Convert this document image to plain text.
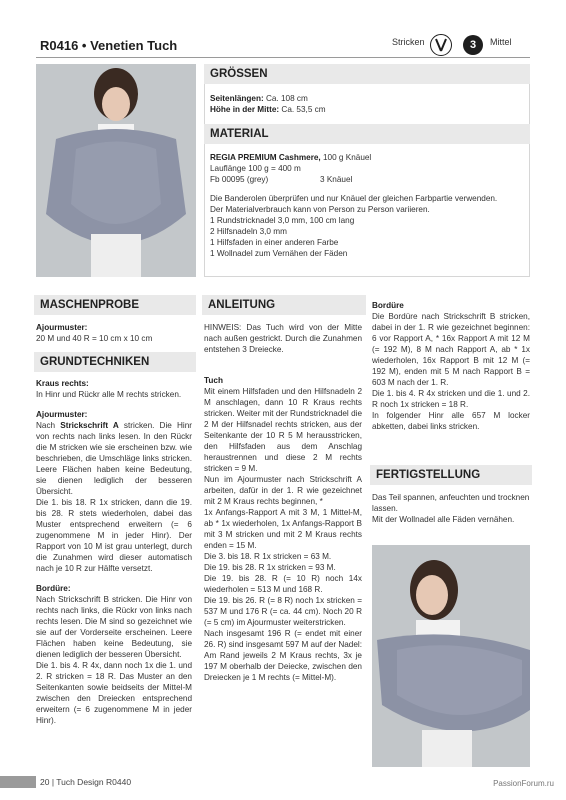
R0416 • Venetien Tuch	Stricken	3	Mittel
GRÖSSEN

Seitenlängen: Ca. 108 cm

Höhe in der Mitte: Ca. 53,5 cm

MATERIAL

REGIA PREMIUM Cashmere, 100 g Knäuel

Lauflänge 100 g = 400 m

Fb 00095 (grey)	3 Knäuel

Die Banderolen überprüfen und nur Knäuel der gleichen Farbpartie verwenden.

Der Materialverbrauch kann von Person zu Person variieren.

1 Rundstricknadel 3,0 mm, 100 cm lang

2 Hilfsnadeln 3,0 mm

1 Hilfsfaden in einer anderen Farbe

1 Wollnadel zum Vernähen der Fäden

MASCHENPROBE

Ajourmuster:

20 M und 40 R = 10 cm x 10 cm

GRUNDTECHNIKEN

Kraus rechts:

In Hinr und Rückr alle M rechts stricken.

Ajourmuster:

Nach Strickschrift A stricken. Die Hinr von rechts nach links lesen. In den Rückr die M stricken wie sie erscheinen bzw. wie beschrieben, die Umschläge links stricken. Leere Flächen haben keine Bedeutung, sie dienen lediglich der besseren Übersicht.

Die 1. bis 18. R 1x stricken, dann die 19. bis 28. R stets wiederholen, dabei das Muster entsprechend erweitern (= 6 zugenommene M in jeder Hinr). Der Rapport von 10 M ist grau unterlegt, durch die Zunahmen wird dieser automatisch nach je 10 R zur Hälfte versetzt.

Bordüre:

Nach Strickschrift B stricken. Die Hinr von rechts nach links, die Rückr von links nach rechts lesen. Die M sind so gezeichnet wie sie auf der Vorderseite erscheinen. Leere Flächen haben keine Bedeutung, sie dienen lediglich der besseren Übersicht.

Die 1. bis 4. R 4x, dann noch 1x die 1. und 2. R stricken = 18 R. Das Muster an den Seitenkanten sowie beidseits der Mittel-M zwischen den Dreiecken entsprechend erweitern (= 6 zugenommene M in jeder Hinr).

ANLEITUNG

HINWEIS: Das Tuch wird von der Mitte nach außen gestrickt. Durch die Zunahmen entstehen 3 Dreiecke.

Tuch

Mit einem Hilfsfaden und den Hilfsnadeln 2 M anschlagen, dann 10 R Kraus rechts stricken. Weiter mit der Rundstricknadel die 2 M der Hilfsnadel rechts stricken, aus der Seitenkante der 10 R 5 M herausstricken, den Hilfsfaden aus dem Anschlag heraustrennen und diese 2 M rechts stricken = 9 M.

Nun im Ajourmuster nach Strickschrift A arbeiten, dafür in der 1. R wie gezeichnet mit 2 M Kraus rechts beginnen, *

1x Anfangs-Rapport A mit 3 M, 1 Mittel-M, ab * 1x wiederholen, 1x Anfangs-Rapport B mit 3 M stricken und mit 2 M Kraus rechts enden = 15 M.

Die 3. bis 18. R 1x stricken = 63 M.

Die 19. bis 28. R 1x stricken = 93 M.

Die 19. bis 28. R (= 10 R) noch 14x wiederholen = 513 M und 168 R.

Die 19. bis 26. R (= 8 R) noch 1x stricken = 537 M und 176 R (= ca. 44 cm). Noch 20 R (= 5 cm) im Ajourmuster weiterstricken.

Nach insgesamt 196 R (= endet mit einer 26. R) sind insgesamt 597 M auf der Nadel: Am Rand jeweils 2 M Kraus rechts, 3x je 197 M oberhalb der Deiecke, zwischen den Dreiecken je 1 M rechts (= Mittel-M).

Bordüre

Die Bordüre nach Strickschrift B stricken, dabei in der 1. R wie gezeichnet beginnen: 6 vor Rapport A, * 16x Rapport A mit 12 M (= 192 M), 8 M nach Rapport A, ab * 1x wiederholen, 16x Rapport B mit 12 M (= 192 M), enden mit 5 M nach Rapport B = 603 M nach der 1. R.

Die 1. bis 4. R 4x stricken und die 1. und 2. R noch 1x stricken = 18 R.

In folgender Hinr alle 657 M locker abketten, dabei links stricken.

FERTIGSTELLUNG

Das Teil spannen, anfeuchten und trocknen lassen.

Mit der Wollnadel alle Fäden vernähen.

20 | Tuch Design R0440	PassionForum.ru
